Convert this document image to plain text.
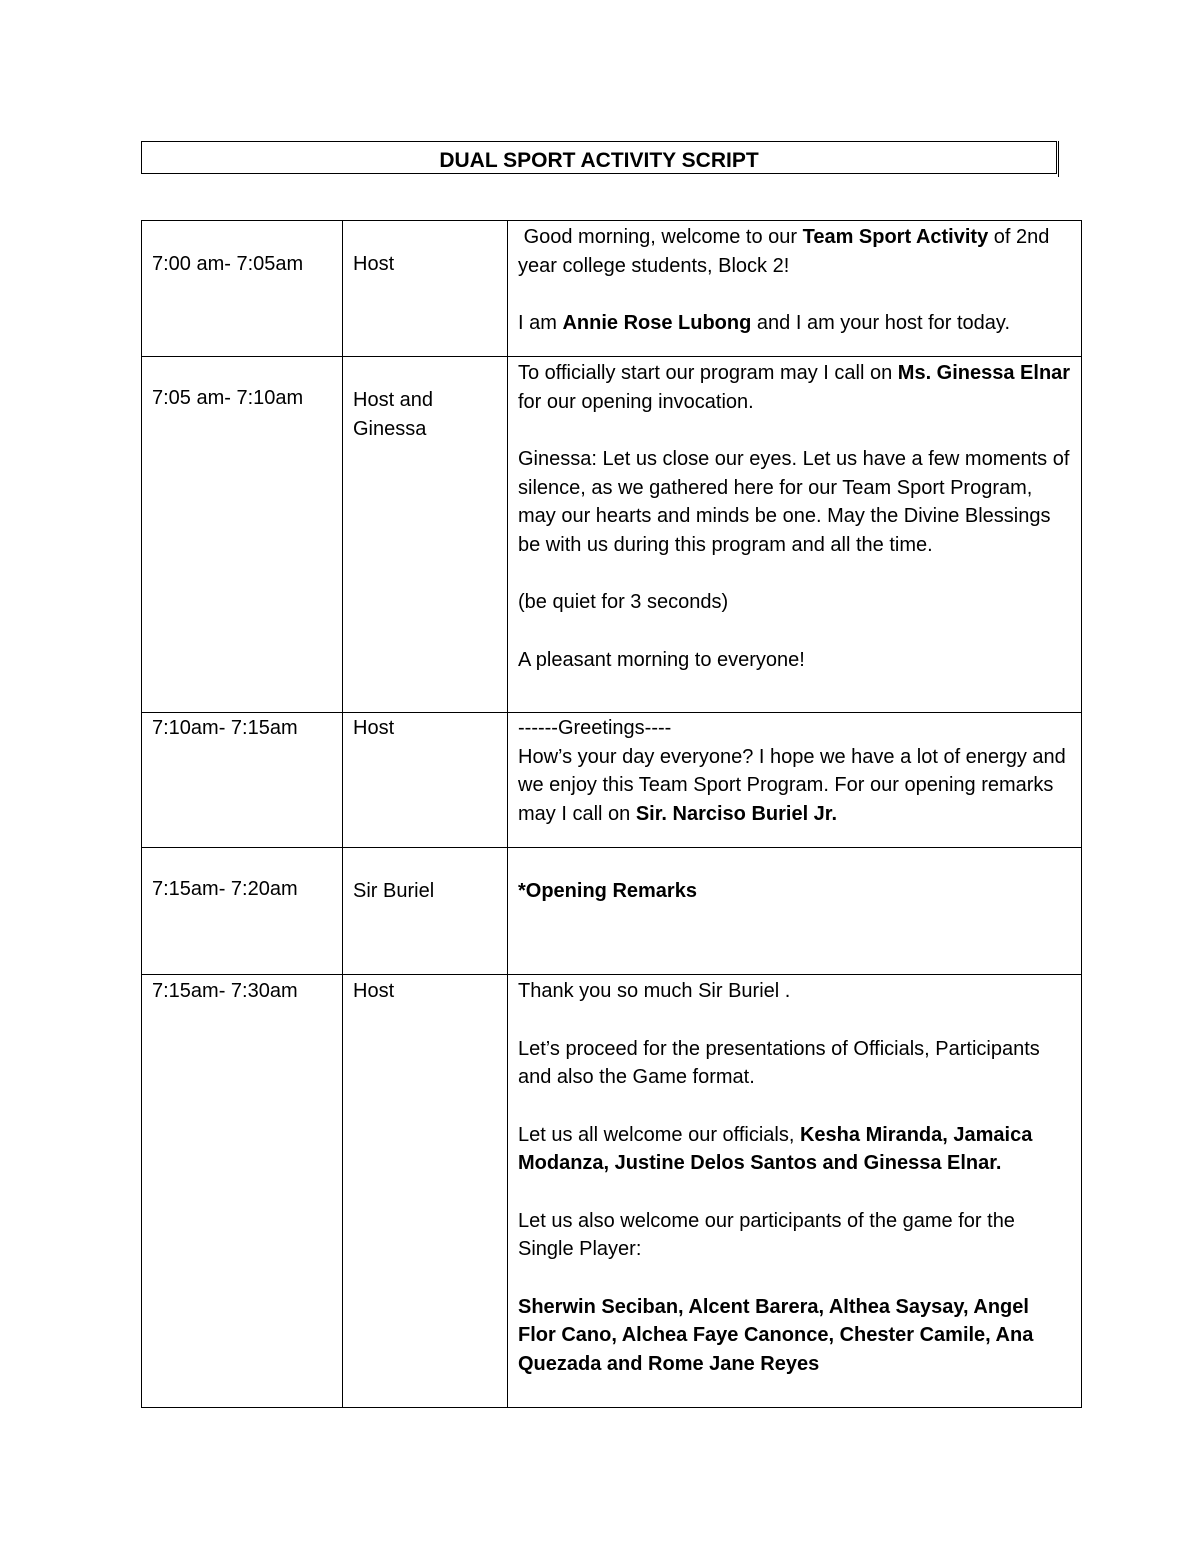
DUAL SPORT ACTIVITY SCRIPT
7:00 am- 7:05am	Host	Good morning, welcome to our Team Sport Activity of 2nd  year college students, Block 2!

I am Annie Rose Lubong and I am your host for today.

7:05 am- 7:10am	Host and Ginessa	To officially start our program may I call on Ms. Ginessa Elnar for our opening invocation.

Ginessa: Let us close our eyes. Let us have a few moments of silence, as we gathered here for our Team Sport Program, may our hearts and minds be one. May the Divine Blessings be with us during this program and all the time.

(be quiet for 3 seconds)

A pleasant morning to everyone!

7:10am- 7:15am	Host	------Greetings----

How’s your day everyone? I hope we have a lot of energy and we enjoy this Team Sport Program. For our opening remarks may I call on Sir. Narciso Buriel Jr.

7:15am- 7:20am	Sir Buriel	*Opening Remarks

7:15am- 7:30am	Host	Thank you so much Sir Buriel .

Let’s proceed for the presentations of Officials, Participants and also the Game format.

Let us all welcome our officials, Kesha Miranda, Jamaica Modanza, Justine Delos Santos and Ginessa Elnar.

Let us also welcome our participants of the game for the Single Player:

Sherwin Seciban, Alcent Barera, Althea Saysay, Angel Flor Cano, Alchea Faye Canonce, Chester Camile, Ana Quezada and Rome Jane Reyes
